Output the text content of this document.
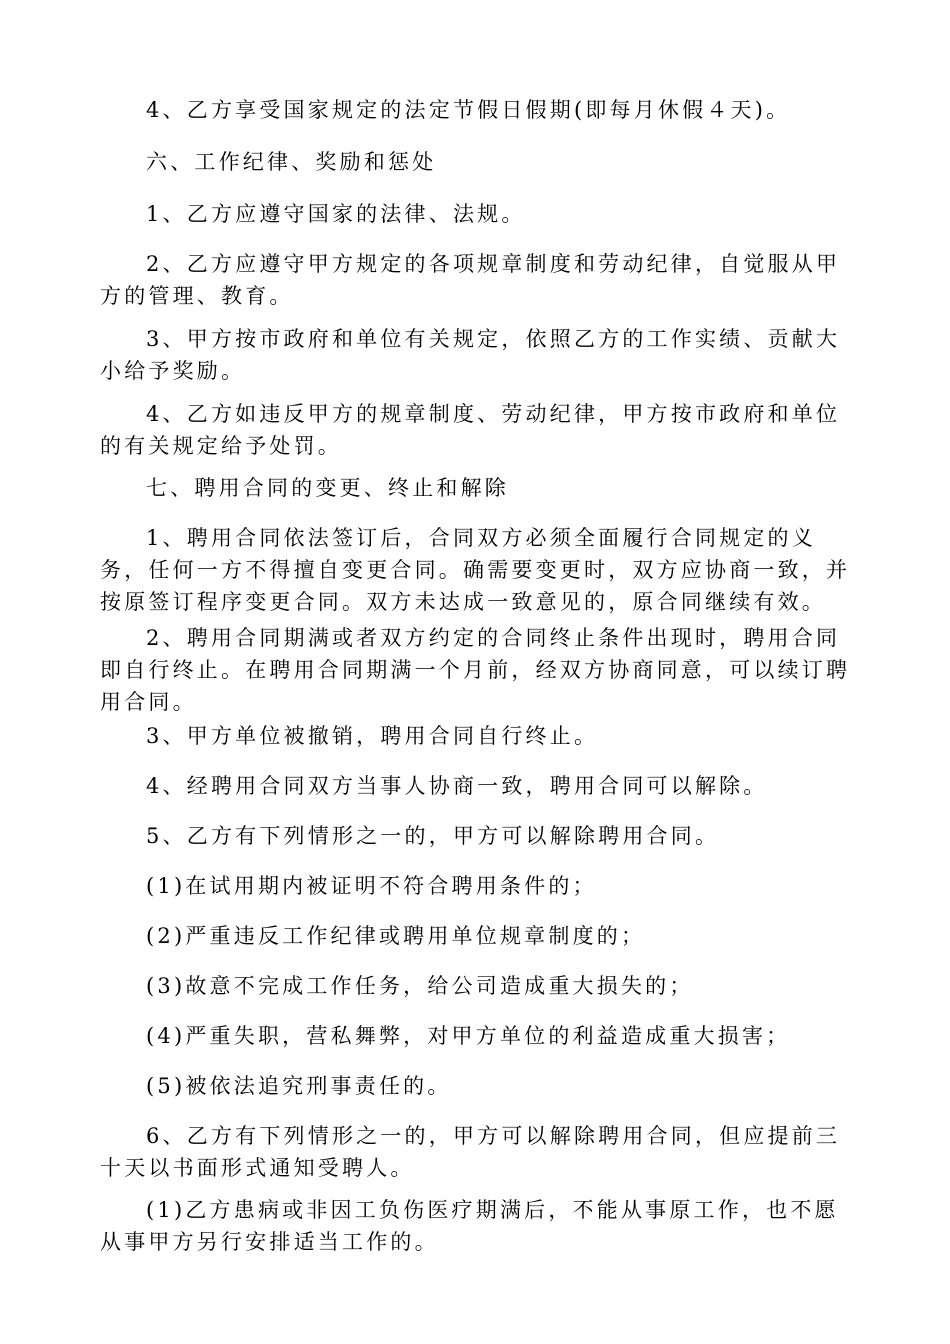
4、乙方享受国家规定的法定节假日假期(即每月休假４天)。

六、工作纪律、奖励和惩处

1、乙方应遵守国家的法律、法规。

2、乙方应遵守甲方规定的各项规章制度和劳动纪律，自觉服从甲方的管理、教育。

3、甲方按市政府和单位有关规定，依照乙方的工作实绩、贡献大小给予奖励。

4、乙方如违反甲方的规章制度、劳动纪律，甲方按市政府和单位的有关规定给予处罚。

七、聘用合同的变更、终止和解除

1、聘用合同依法签订后，合同双方必须全面履行合同规定的义务，任何一方不得擅自变更合同。确需要变更时，双方应协商一致，并按原签订程序变更合同。双方未达成一致意见的，原合同继续有效。

2、聘用合同期满或者双方约定的合同终止条件出现时，聘用合同即自行终止。在聘用合同期满一个月前，经双方协商同意，可以续订聘用合同。

3、甲方单位被撤销，聘用合同自行终止。

4、经聘用合同双方当事人协商一致，聘用合同可以解除。

5、乙方有下列情形之一的，甲方可以解除聘用合同。

(1)在试用期内被证明不符合聘用条件的；

(2)严重违反工作纪律或聘用单位规章制度的；

(3)故意不完成工作任务，给公司造成重大损失的；

(4)严重失职，营私舞弊，对甲方单位的利益造成重大损害；

(5)被依法追究刑事责任的。

6、乙方有下列情形之一的，甲方可以解除聘用合同，但应提前三十天以书面形式通知受聘人。

(1)乙方患病或非因工负伤医疗期满后，不能从事原工作，也不愿从事甲方另行安排适当工作的。
